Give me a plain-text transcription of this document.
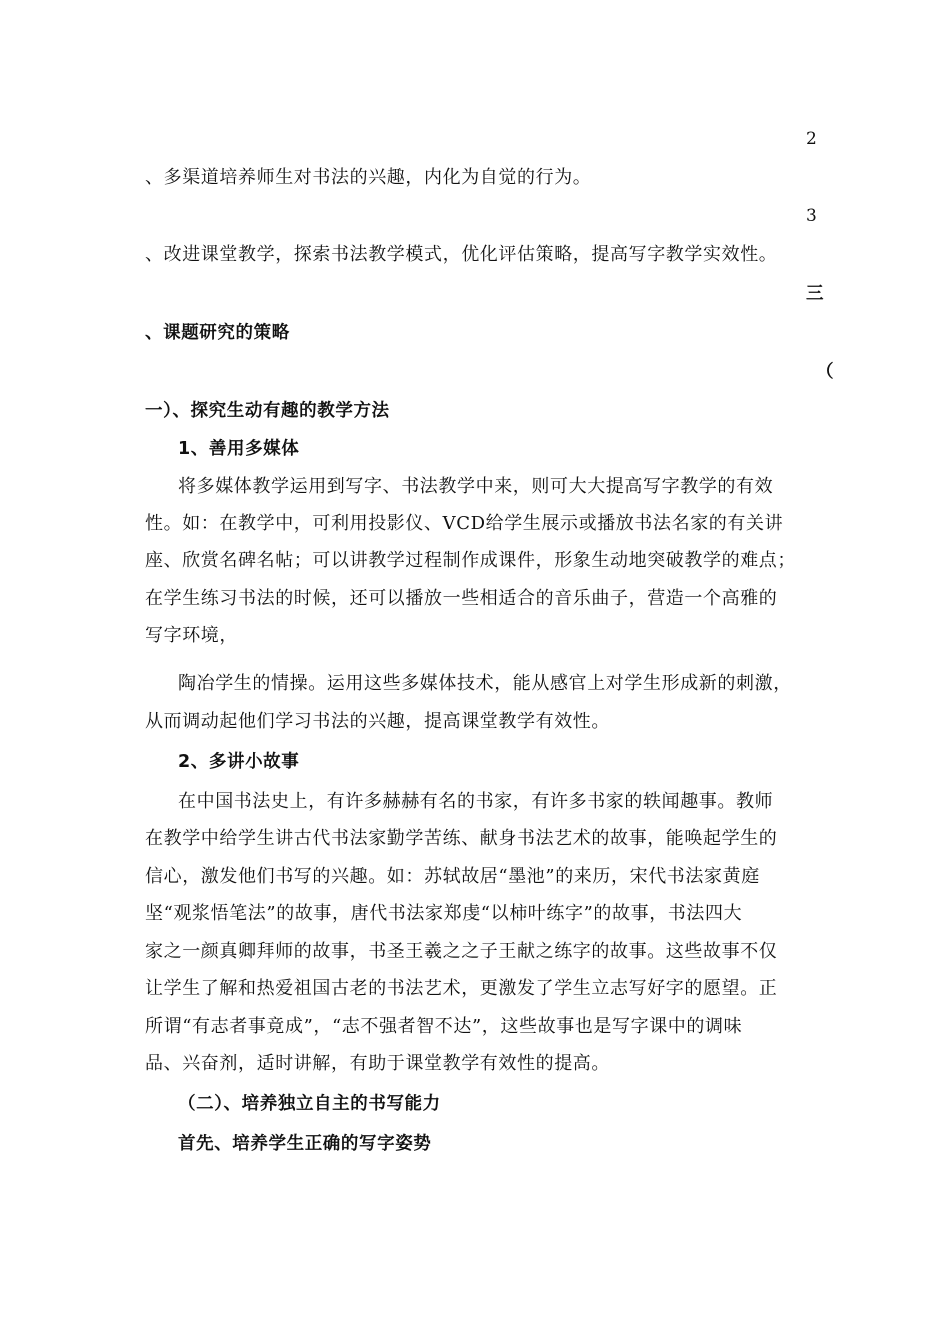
2
、多渠道培养师生对书法的兴趣，内化为自觉的行为。
3
、改进课堂教学，探索书法教学模式，优化评估策略，提高写字教学实效性。
三
、课题研究的策略
（
一）、探究生动有趣的教学方法
1、善用多媒体
将多媒体教学运用到写字、书法教学中来，则可大大提高写字教学的有效
性。如：在教学中，可利用投影仪、VCD给学生展示或播放书法名家的有关讲
座、欣赏名碑名帖；可以讲教学过程制作成课件，形象生动地突破教学的难点；
在学生练习书法的时候，还可以播放一些相适合的音乐曲子，营造一个高雅的
写字环境，
陶冶学生的情操。运用这些多媒体技术，能从感官上对学生形成新的刺激，
从而调动起他们学习书法的兴趣，提高课堂教学有效性。
2、多讲小故事
在中国书法史上，有许多赫赫有名的书家，有许多书家的轶闻趣事。教师
在教学中给学生讲古代书法家勤学苦练、献身书法艺术的故事，能唤起学生的
信心，激发他们书写的兴趣。如：苏轼故居“墨池”的来历，宋代书法家黄庭
坚“观浆悟笔法”的故事，唐代书法家郑虔“以柿叶练字”的故事，书法四大
家之一颜真卿拜师的故事，书圣王羲之之子王献之练字的故事。这些故事不仅
让学生了解和热爱祖国古老的书法艺术，更激发了学生立志写好字的愿望。正
所谓“有志者事竟成”，“志不强者智不达”，这些故事也是写字课中的调味
品、兴奋剂，适时讲解，有助于课堂教学有效性的提高。
（二）、培养独立自主的书写能力
首先、培养学生正确的写字姿势
